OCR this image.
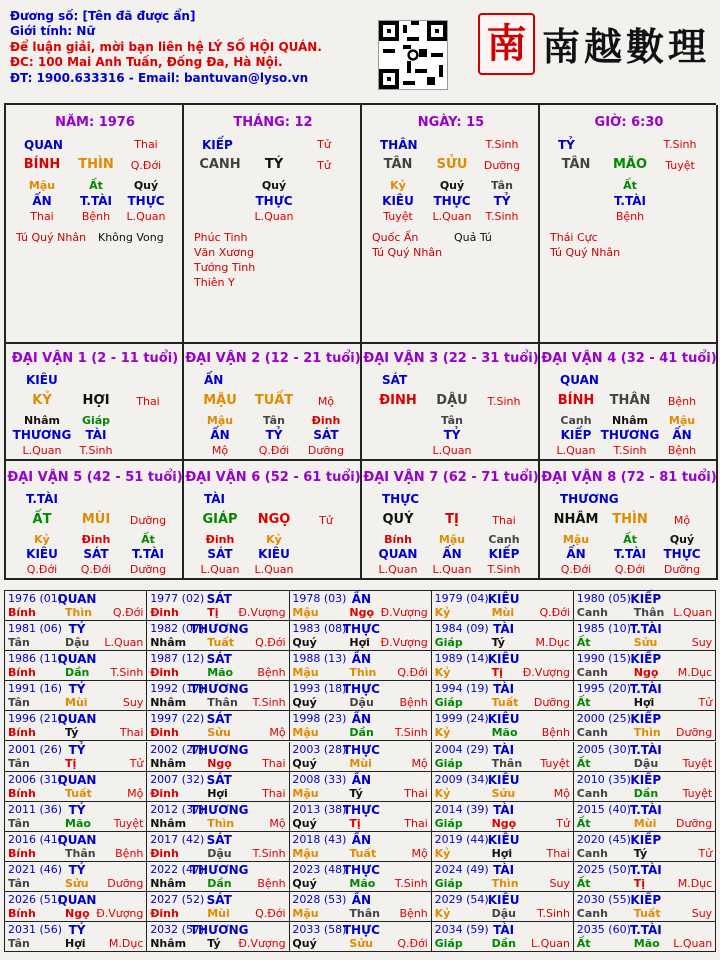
Đương số: [Tên đã được ẩn]
Giới tính: Nữ
Để luận giải, mời bạn liên hệ LÝ SỐ HỘI QUÁN.
ĐC: 100 Mai Anh Tuấn, Đống Đa, Hà Nội.
ĐT: 1900.633316 - Email: bantuvan@lyso.vn
南 南越數理
NĂM: 1976
QUAN	Thai
BÍNH THÌN Q.Đới
Mậu
ẤN
Thai
Ất
T.TÀI
Bệnh
Quý
THỰC
L.Quan
Tú Quý Nhân Không Vong
THÁNG: 12
KIẾP	Tử
CANH TÝ	Tử
Quý
THỰC
L.Quan
Phúc Tinh
Văn Xương
Tướng Tinh
Thiên Y
NGÀY: 15
THÂN	T.Sinh
TÂN SỬU Dưỡng
Kỷ
KIÊU
Tuyệt
Quý
THỰC
L.Quan
Tân
TỶ
T.Sinh
Quốc Ấn
Tú Quý Nhân
Quả Tú
GIỜ: 6:30
TỶ	T.Sinh
TÂN MÃO Tuyệt
Ất
T.TÀI
Bệnh
Thái Cực
Tú Quý Nhân
ĐẠI VẬN 1 (2 - 11 tuổi)
KIÊU
KỶ HỢI Thai
Nhâm
THƯƠNG
L.Quan
Giáp
TÀI
T.Sinh
ĐẠI VẬN 2 (12 - 21 tuổi)
ẤN
MẬU TUẤT Mộ
Mậu
ẤN
Mộ
Tân
TỶ
Q.Đới
Đinh
SÁT
Dưỡng
ĐẠI VẬN 3 (22 - 31 tuổi)
SÁT
ĐINH DẬU T.Sinh
Tân
TỶ
L.Quan
ĐẠI VẬN 4 (32 - 41 tuổi)
QUAN
BÍNH THÂN Bệnh
Canh
KIẾP
L.Quan
Nhâm
THƯƠNG
T.Sinh
Mậu
ẤN
Bệnh
ĐẠI VẬN 5 (42 - 51 tuổi)
T.TÀI
ẤT MÙI Dưỡng
Kỷ
KIÊU
Q.Đới
Đinh
SÁT
Q.Đới
Ất
T.TÀI
Dưỡng
ĐẠI VẬN 6 (52 - 61 tuổi)
TÀI
GIÁP NGỌ	Tử
Đinh
SÁT
L.Quan
Kỷ
KIÊU
L.Quan
ĐẠI VẬN 7 (62 - 71 tuổi)
THỰC
QUÝ TỊ	Thai
Bính
QUAN
L.Quan
Mậu
ẤN
L.Quan
Canh
KIẾP
T.Sinh
ĐẠI VẬN 8 (72 - 81 tuổi)
THƯƠNG
NHÂM THÌN Mộ
Mậu
ẤN
Q.Đới
Ất
T.TÀI
Q.Đới
Quý
THỰC
Dưỡng
1976 (01)
QUAN
Bính	Thìn Q.Đới
1977 (02) SÁT
Đinh	Tị Đ.Vượng
1978 (03) ẤN
Mậu	Ngọ Đ.Vượng
1979 (04) KIÊU
Kỷ	Mùi Q.Đới
1980 (05) KIẾP
Canh Thân L.Quan
1981 (06) TỶ
Tân	Dậu L.Quan
1982 (07)
THƯƠNG
Nhâm Tuất Q.Đới
1983 (08)
THỰC
Quý	Hợi Đ.Vượng
1984 (09) TÀI
Giáp	Tý	M.Dục
1985 (10)
T.TÀI
Ất	Sửu	Suy
1986 (11)
QUAN
Bính	Dần T.Sinh
1987 (12) SÁT
Đinh	Mão Bệnh
1988 (13) ẤN
Mậu	Thìn Q.Đới
1989 (14) KIÊU
Kỷ	Tị Đ.Vượng
1990 (15) KIẾP
Canh Ngọ M.Dục
1991 (16) TỶ
Tân	Mùi	Suy
1992 (17)
THƯƠNG
Nhâm Thân T.Sinh
1993 (18)
THỰC
Quý	Dậu Bệnh
1994 (19) TÀI
Giáp	Tuất Dưỡng
1995 (20)
T.TÀI
Ất	Hợi	Tử
1996 (21)
QUAN
Bính	Tý	Thai
1997 (22) SÁT
Đinh	Sửu	Mộ
1998 (23) ẤN
Mậu	Dần T.Sinh
1999 (24) KIÊU
Kỷ	Mão Bệnh
2000 (25) KIẾP
Canh Thìn Dưỡng
2001 (26) TỶ
Tân	Tị	Tử
2002 (27)
THƯƠNG
Nhâm Ngọ	Thai
2003 (28)
THỰC
Quý	Mùi	Mộ
2004 (29) TÀI
Giáp	Thân Tuyệt
2005 (30)
T.TÀI
Ất	Dậu Tuyệt
2006 (31)
QUAN
Bính	Tuất	Mộ
2007 (32) SÁT
Đinh	Hợi	Thai
2008 (33) ẤN
Mậu	Tý	Thai
2009 (34) KIÊU
Kỷ	Sửu	Mộ
2010 (35) KIẾP
Canh Dần Tuyệt
2011 (36) TỶ
Tân	Mão Tuyệt
2012 (37)
THƯƠNG
Nhâm Thìn	Mộ
2013 (38)
THỰC
Quý	Tị	Thai
2014 (39) TÀI
Giáp	Ngọ	Tử
2015 (40)
T.TÀI
Ất	Mùi Dưỡng
2016 (41)
QUAN
Bính	Thân Bệnh
2017 (42) SÁT
Đinh	Dậu T.Sinh
2018 (43) ẤN
Mậu	Tuất	Mộ
2019 (44) KIÊU
Kỷ	Hợi	Thai
2020 (45) KIẾP
Canh Tý	Tử
2021 (46) TỶ
Tân	Sửu Dưỡng
2022 (47)
THƯƠNG
Nhâm Dần Bệnh
2023 (48)
THỰC
Quý	Mão T.Sinh
2024 (49) TÀI
Giáp	Thìn	Suy
2025 (50)
T.TÀI
Ất	Tị	M.Dục
2026 (51)
QUAN
Bính	Ngọ Đ.Vượng
2027 (52) SÁT
Đinh	Mùi Q.Đới
2028 (53) ẤN
Mậu	Thân Bệnh
2029 (54) KIÊU
Kỷ	Dậu T.Sinh
2030 (55) KIẾP
Canh Tuất	Suy
2031 (56) TỶ
Tân	Hợi M.Dục
2032 (57)
THƯƠNG
Nhâm Tý Đ.Vượng
2033 (58)
THỰC
Quý	Sửu Q.Đới
2034 (59) TÀI
Giáp	Dần L.Quan
2035 (60)
T.TÀI
Ất	Mão L.Quan
